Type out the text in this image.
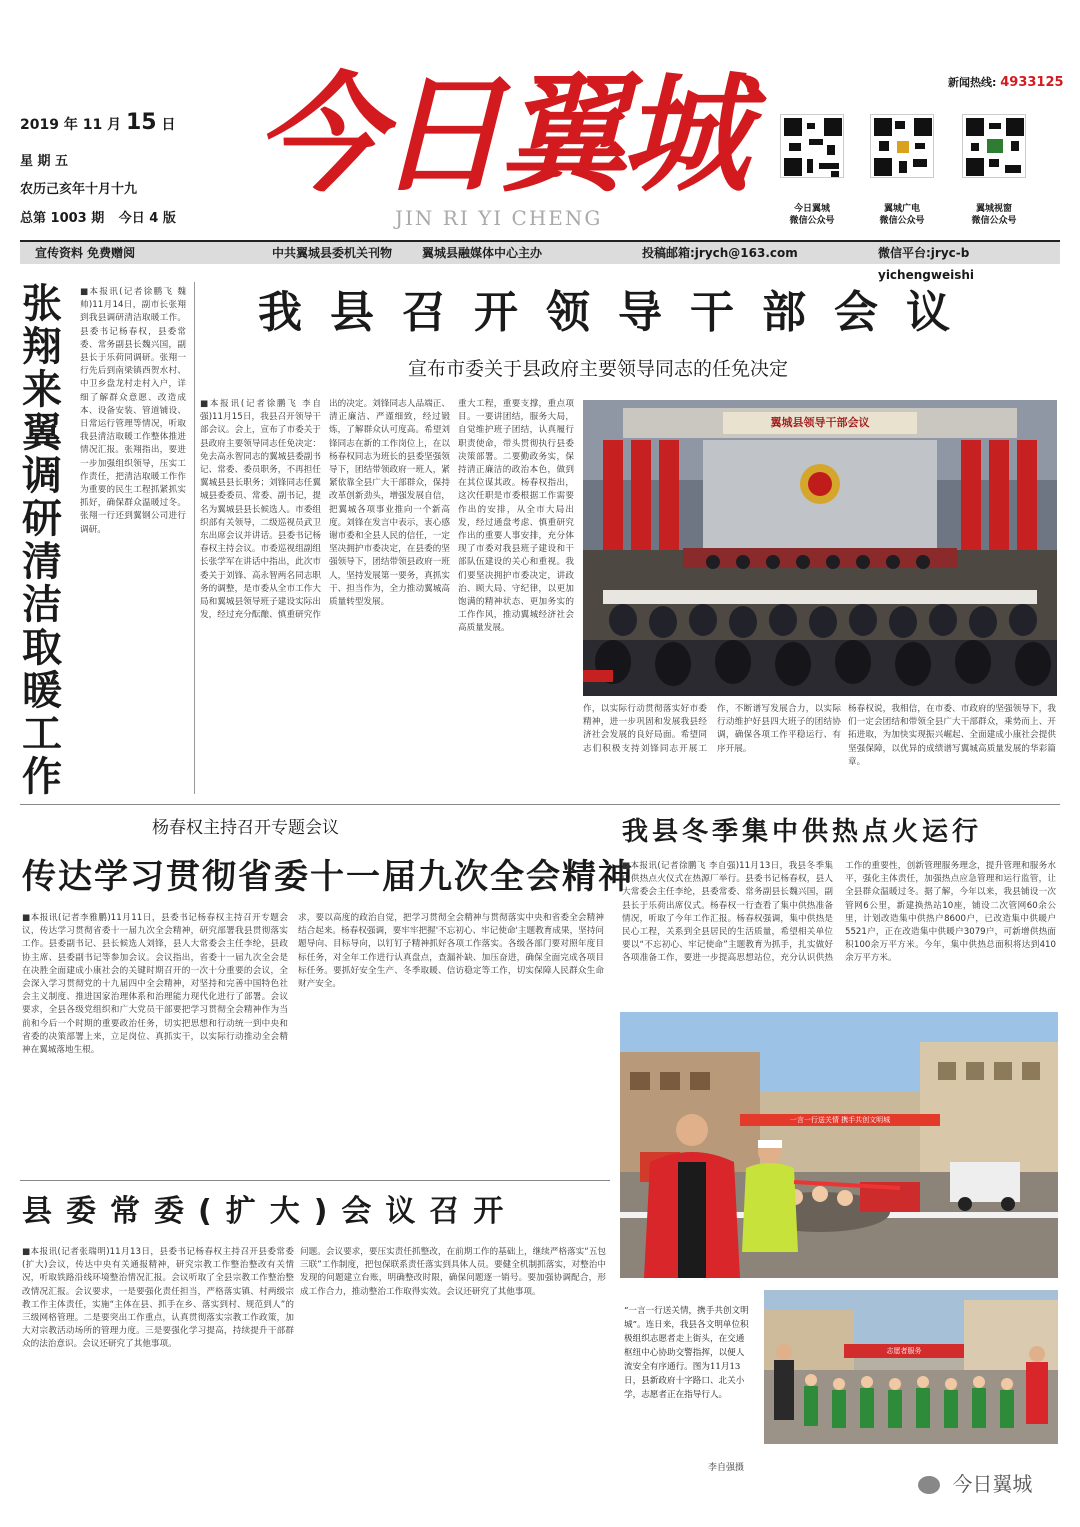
2019 年 11 月 15 日
星 期 五
农历己亥年十月十九
总第 1003 期 今日 4 版
今日翼城
JIN RI YI CHENG
新闻热线: 4933125
今日翼城
微信公众号
翼城广电
微信公众号
翼城视窗
微信公众号
宣传资料 免费赠阅	中共翼城县委机关刊物 翼城县融媒体中心主办	投稿邮箱:jrych@163.com	微信平台:jryc-b yichengweishi
张翔来翼调研清洁取暖工作
■本报讯(记者徐鹏飞 魏帅)11月14日，副市长张翔到我县调研清洁取暖工作。县委书记杨春权，县委常委、常务副县长魏兴国，副县长于乐荷同调研。张翔一行先后到南梁镇西贺水村、中卫乡盘龙村走村入户，详细了解群众意愿、改造成本、设备安装、管道铺设、日常运行管理等情况，听取我县清洁取暖工作整体推进情况汇报。张翔指出，要进一步加强组织领导，压实工作责任，把清洁取暖工作作为重要的民生工程抓紧抓实抓好，确保群众温暖过冬。张翔一行还到翼钢公司进行调研。
我县召开领导干部会议
宣布市委关于县政府主要领导同志的任免决定
■本报讯(记者徐鹏飞 李自强)11月15日，我县召开领导干部会议。会上，宣布了市委关于县政府主要领导同志任免决定：免去高永智同志的翼城县委副书记、常委、委员职务，不再担任翼城县县长职务；刘锋同志任翼城县委委员、常委、副书记，提名为翼城县县长候选人。市委组织部有关领导，二级巡视员武卫东出席会议并讲话。县委书记杨春权主持会议。市委巡视组副组长张学军在讲话中指出，此次市委关于刘锋、高永智两名同志职务的调整，是市委从全市工作大局和翼城县领导班子建设实际出发，经过充分酝酿、慎重研究作出的决定。刘锋同志人品端正、清正廉洁、严谨细致，经过锻炼，了解群众认可度高。希望刘锋同志在新的工作岗位上，在以杨春权同志为班长的县委坚强领导下，团结带领政府一班人，紧紧依靠全县广大干部群众，保持改革创新劲头，增强发展自信，把翼城各项事业推向一个新高度。刘锋在发言中表示，衷心感谢市委和全县人民的信任，一定坚决拥护市委决定，在县委的坚强领导下，团结带领县政府一班人，坚持发展第一要务，真抓实干、担当作为，全力推动翼城高质量转型发展。
重大工程，重要支撑，重点项目。一要讲团结，服务大局，自觉维护班子团结，认真履行职责使命，带头贯彻执行县委决策部署。二要勤政务实，保持清正廉洁的政治本色，做到在其位谋其政。杨春权指出，这次任职是市委根据工作需要作出的安排，从全市大局出发，经过通盘考虑、慎重研究作出的重要人事安排，充分体现了市委对我县班子建设和干部队伍建设的关心和重视。我们要坚决拥护市委决定，讲政治、顾大局、守纪律，以更加饱满的精神状态、更加务实的工作作风，推动翼城经济社会高质量发展。
翼城县领导干部会议
作，以实际行动贯彻落实好市委精神，进一步巩固和发展我县经济社会发展的良好局面。希望同志们积极支持刘锋同志开展工作，不断谱写发展合力，以实际行动维护好县四大班子的团结协调，确保各项工作平稳运行、有序开展。
杨春权说，我相信，在市委、市政府的坚强领导下，我们一定会团结和带领全县广大干部群众，乘势而上、开拓进取，为加快实现振兴崛起、全面建成小康社会提供坚强保障，以优异的成绩谱写翼城高质量发展的华彩篇章。
杨春权主持召开专题会议
传达学习贯彻省委十一届九次全会精神
■本报讯(记者李雅鹏)11月11日，县委书记杨春权主持召开专题会议，传达学习贯彻省委十一届九次全会精神，研究部署我县贯彻落实工作。县委副书记、县长候选人刘锋，县人大常委会主任李纶，县政协主席、县委副书记等参加会议。会议指出，省委十一届九次全会是在决胜全面建成小康社会的关键时期召开的一次十分重要的会议，全会深入学习贯彻党的十九届四中全会精神，对坚持和完善中国特色社会主义制度、推进国家治理体系和治理能力现代化进行了部署。会议要求，全县各级党组织和广大党员干部要把学习贯彻全会精神作为当前和今后一个时期的重要政治任务，切实把思想和行动统一到中央和省委的决策部署上来，立足岗位、真抓实干，以实际行动推动全会精神在翼城落地生根。
求，要以高度的政治自觉，把学习贯彻全会精神与贯彻落实中央和省委全会精神结合起来。杨春权强调，要牢牢把握'不忘初心、牢记使命'主题教育成果，坚持问题导向、目标导向，以钉钉子精神抓好各项工作落实。各级各部门要对照年度目标任务，对全年工作进行认真盘点，查漏补缺、加压奋进，确保全面完成各项目标任务。要抓好安全生产、冬季取暖、信访稳定等工作，切实保障人民群众生命财产安全。
我县冬季集中供热点火运行
■本报讯(记者徐鹏飞 李自强)11月13日，我县冬季集中供热点火仪式在热源厂举行。县委书记杨春权，县人大常委会主任李纶，县委常委、常务副县长魏兴国，副县长于乐荷出席仪式。杨春权一行查看了集中供热准备情况，听取了今年工作汇报。杨春权强调，集中供热是民心工程，关系到全县居民的生活质量，希望相关单位要以“不忘初心、牢记使命”主题教育为抓手，扎实做好各项准备工作，要进一步提高思想站位，充分认识供热工作的重要性，创新管理服务理念，提升管理和服务水平，强化主体责任，加强热点应急管理和运行监管，让全县群众温暖过冬。据了解，今年以来，我县铺设一次管网6公里，新建换热站10座，铺设二次管网60余公里，计划改造集中供热户8600户，已改造集中供暖户5521户，正在改造集中供暖户3079户，可新增供热面积100余万平方米。今年，集中供热总面积将达到410余万平方米。
一言一行送关情 携手共创文明城
志愿者服务
“一言一行送关情，携手共创文明城”。连日来，我县各文明单位积极组织志愿者走上街头，在交通枢纽中心协助交警指挥，以便人流安全有序通行。图为11月13日，县新政府十字路口、北关小学，志愿者正在指导行人。
李自强摄
县委常委(扩大)会议召开
■本报讯(记者张瑞明)11月13日，县委书记杨春权主持召开县委常委(扩大)会议，传达中央有关通报精神，研究宗教工作整治整改有关情况，听取铁路沿线环境整治情况汇报。会议听取了全县宗教工作整治整改情况汇报。会议要求，一是要强化责任担当，严格落实镇、村两级宗教工作主体责任，实施“主体在县、抓手在乡、落实到村、规范到人”的三级网格管理。二是要突出工作重点，认真贯彻落实宗教工作政策，加大对宗教活动场所的管理力度。三是要强化学习提高，持续提升干部群众的法治意识。会议还研究了其他事项。
问题。会议要求，要压实责任抓整改，在前期工作的基础上，继续严格落实“五包三联”工作制度，把包保联系责任落实到具体人员。要健全机制抓落实，对整治中发现的问题建立台账，明确整改时限，确保问题逐一销号。要加强协调配合，形成工作合力，推动整治工作取得实效。会议还研究了其他事项。
今日翼城
